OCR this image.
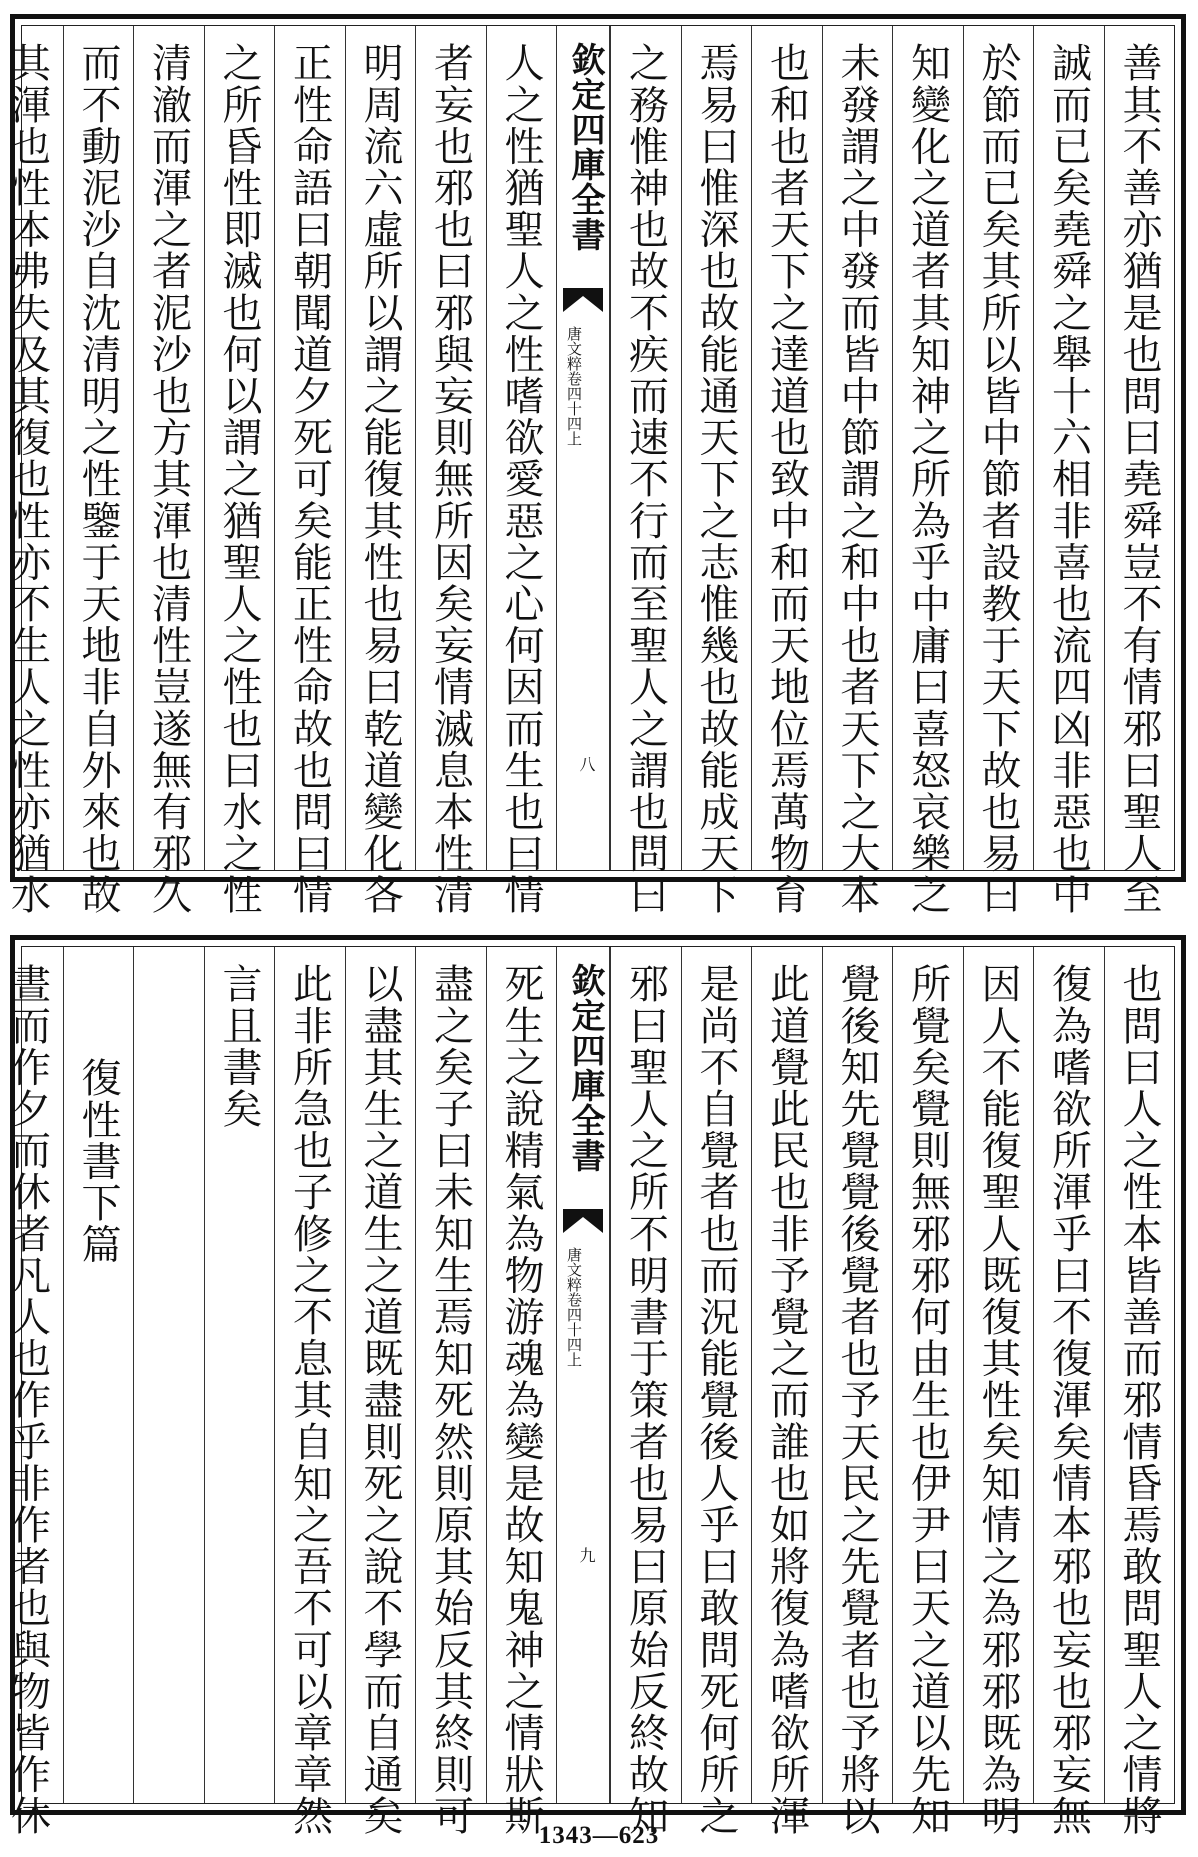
善其不善亦猶是也問曰堯舜豈不有情邪曰聖人至
誠而已矣堯舜之舉十六相非喜也流四凶非惡也中
於節而已矣其所以皆中節者設教于天下故也易曰
知變化之道者其知神之所為乎中庸曰喜怒哀樂之
未發謂之中發而皆中節謂之和中也者天下之大本
也和也者天下之達道也致中和而天地位焉萬物育
焉易曰惟深也故能通天下之志惟幾也故能成天下
之務惟神也故不疾而速不行而至聖人之謂也問曰
欽定四庫全書
唐文粹卷四十四上
八
人之性猶聖人之性嗜欲愛惡之心何因而生也曰情
者妄也邪也曰邪與妄則無所因矣妄情滅息本性清
明周流六虛所以謂之能復其性也易曰乾道變化各
正性命語曰朝聞道夕死可矣能正性命故也問曰情
之所昏性即滅也何以謂之猶聖人之性也曰水之性
清澈而渾之者泥沙也方其渾也清性豈遂無有邪久
而不動泥沙自沈清明之性鑒于天地非自外來也故
其渾也性本弗失及其復也性亦不生人之性亦猶水
也問曰人之性本皆善而邪情昏焉敢問聖人之情將
復為嗜欲所渾乎曰不復渾矣情本邪也妄也邪妄無
因人不能復聖人既復其性矣知情之為邪邪既為明
所覺矣覺則無邪邪何由生也伊尹曰天之道以先知
覺後知先覺覺後覺者也予天民之先覺者也予將以
此道覺此民也非予覺之而誰也如將復為嗜欲所渾
是尚不自覺者也而況能覺後人乎曰敢問死何所之
邪曰聖人之所不明書于策者也易曰原始反終故知
欽定四庫全書
唐文粹卷四十四上
九
死生之說精氣為物游魂為變是故知鬼神之情狀斯
盡之矣子曰未知生焉知死然則原其始反其終則可
以盡其生之道生之道既盡則死之說不學而自通矣
此非所急也子修之不息其自知之吾不可以章章然
言且書矣
復性書下篇
晝而作夕而休者凡人也作乎非作者也與物皆作休	1343—623
